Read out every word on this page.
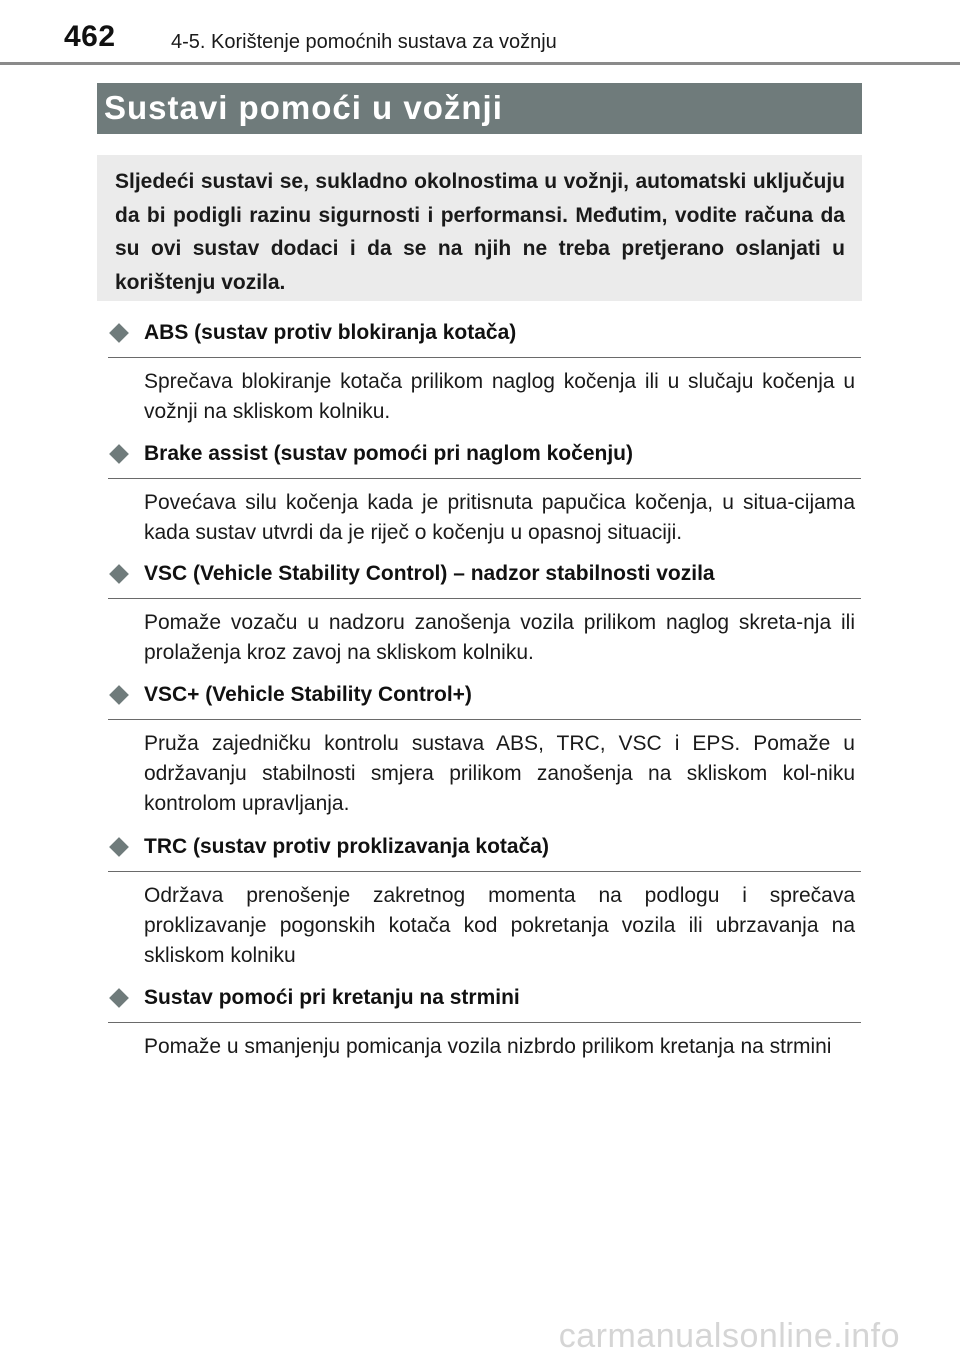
462	4-5. Korištenje pomoćnih sustava za vožnju
Sustavi pomoći u vožnji
Sljedeći sustavi se, sukladno okolnostima u vožnji, automatski uključuju da bi podigli razinu sigurnosti i performansi. Međutim, vodite računa da su ovi sustav dodaci i da se na njih ne treba pretjerano oslanjati u korištenju vozila.
ABS (sustav protiv blokiranja kotača)
Sprečava blokiranje kotača prilikom naglog kočenja ili u slučaju kočenja u vožnji na skliskom kolniku.
Brake assist (sustav pomoći pri naglom kočenju)
Povećava silu kočenja kada je pritisnuta papučica kočenja, u situa-cijama kada sustav utvrdi da je riječ o kočenju u opasnoj situaciji.
VSC (Vehicle Stability Control) – nadzor stabilnosti vozila
Pomaže vozaču u nadzoru zanošenja vozila prilikom naglog skreta-nja ili prolaženja kroz zavoj na skliskom kolniku.
VSC+ (Vehicle Stability Control+)
Pruža zajedničku kontrolu sustava ABS, TRC, VSC i EPS. Pomaže u održavanju stabilnosti smjera prilikom zanošenja na skliskom kol-niku kontrolom upravljanja.
TRC (sustav protiv proklizavanja kotača)
Održava prenošenje zakretnog momenta na podlogu i sprečava proklizavanje pogonskih kotača kod pokretanja vozila ili ubrzavanja na skliskom kolniku
Sustav pomoći pri kretanju na strmini
Pomaže u smanjenju pomicanja vozila nizbrdo prilikom kretanja na strmini
carmanualsonline.info
